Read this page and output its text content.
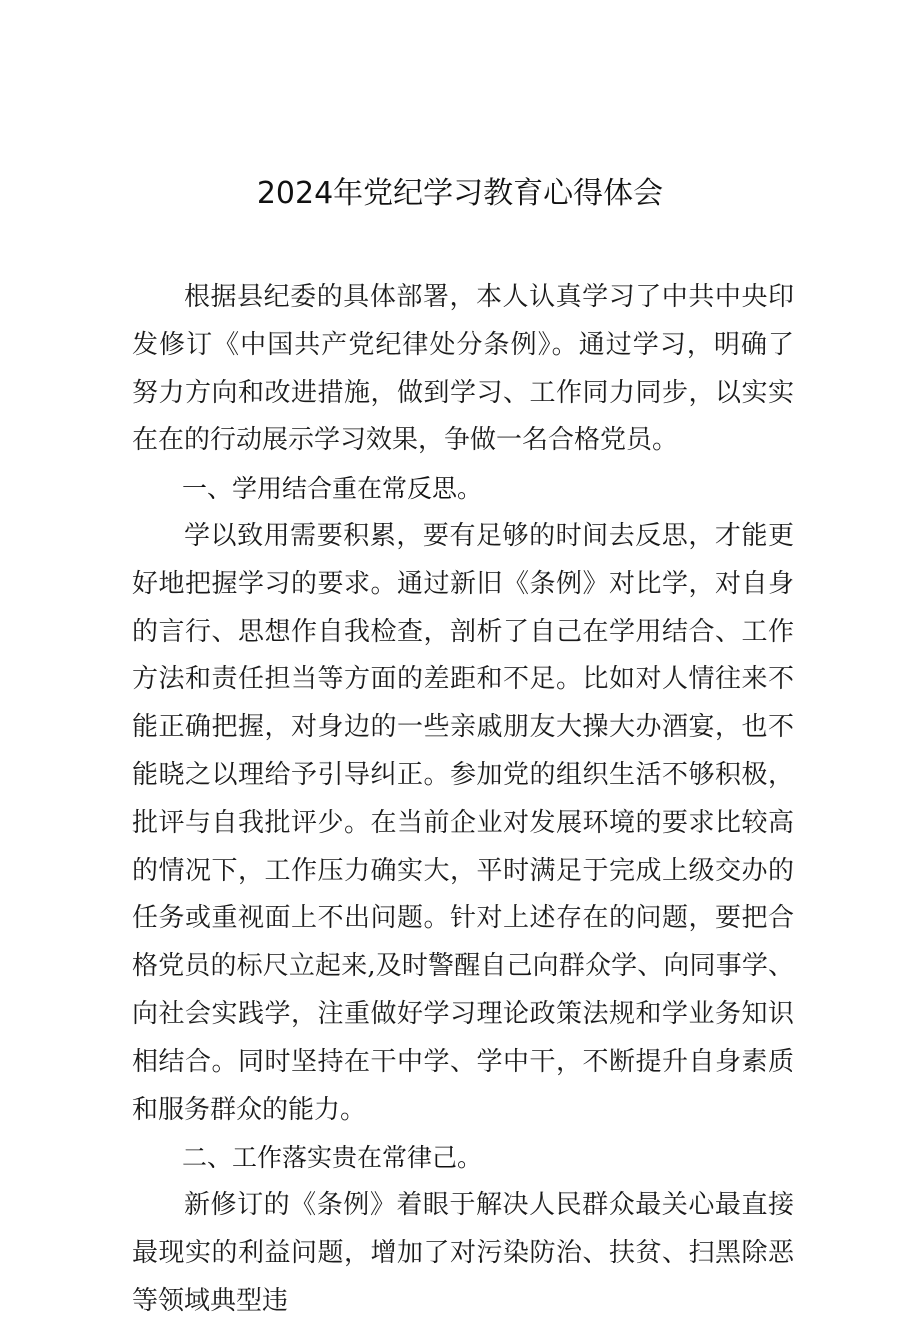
2024年党纪学习教育心得体会

根据县纪委的具体部署，本人认真学习了中共中央印发修订《中国共产党纪律处分条例》。通过学习，明确了努力方向和改进措施，做到学习、工作同力同步，以实实在在的行动展示学习效果，争做一名合格党员。

一、学用结合重在常反思。

学以致用需要积累，要有足够的时间去反思，才能更好地把握学习的要求。通过新旧《条例》对比学，对自身的言行、思想作自我检查，剖析了自己在学用结合、工作方法和责任担当等方面的差距和不足。比如对人情往来不能正确把握，对身边的一些亲戚朋友大操大办酒宴，也不能晓之以理给予引导纠正。参加党的组织生活不够积极，批评与自我批评少。在当前企业对发展环境的要求比较高的情况下，工作压力确实大，平时满足于完成上级交办的任务或重视面上不出问题。针对上述存在的问题，要把合格党员的标尺立起来,及时警醒自己向群众学、向同事学、向社会实践学，注重做好学习理论政策法规和学业务知识相结合。同时坚持在干中学、学中干，不断提升自身素质和服务群众的能力。

二、工作落实贵在常律己。

新修订的《条例》着眼于解决人民群众最关心最直接最现实的利益问题，增加了对污染防治、扶贫、扫黑除恶等领域典型违
